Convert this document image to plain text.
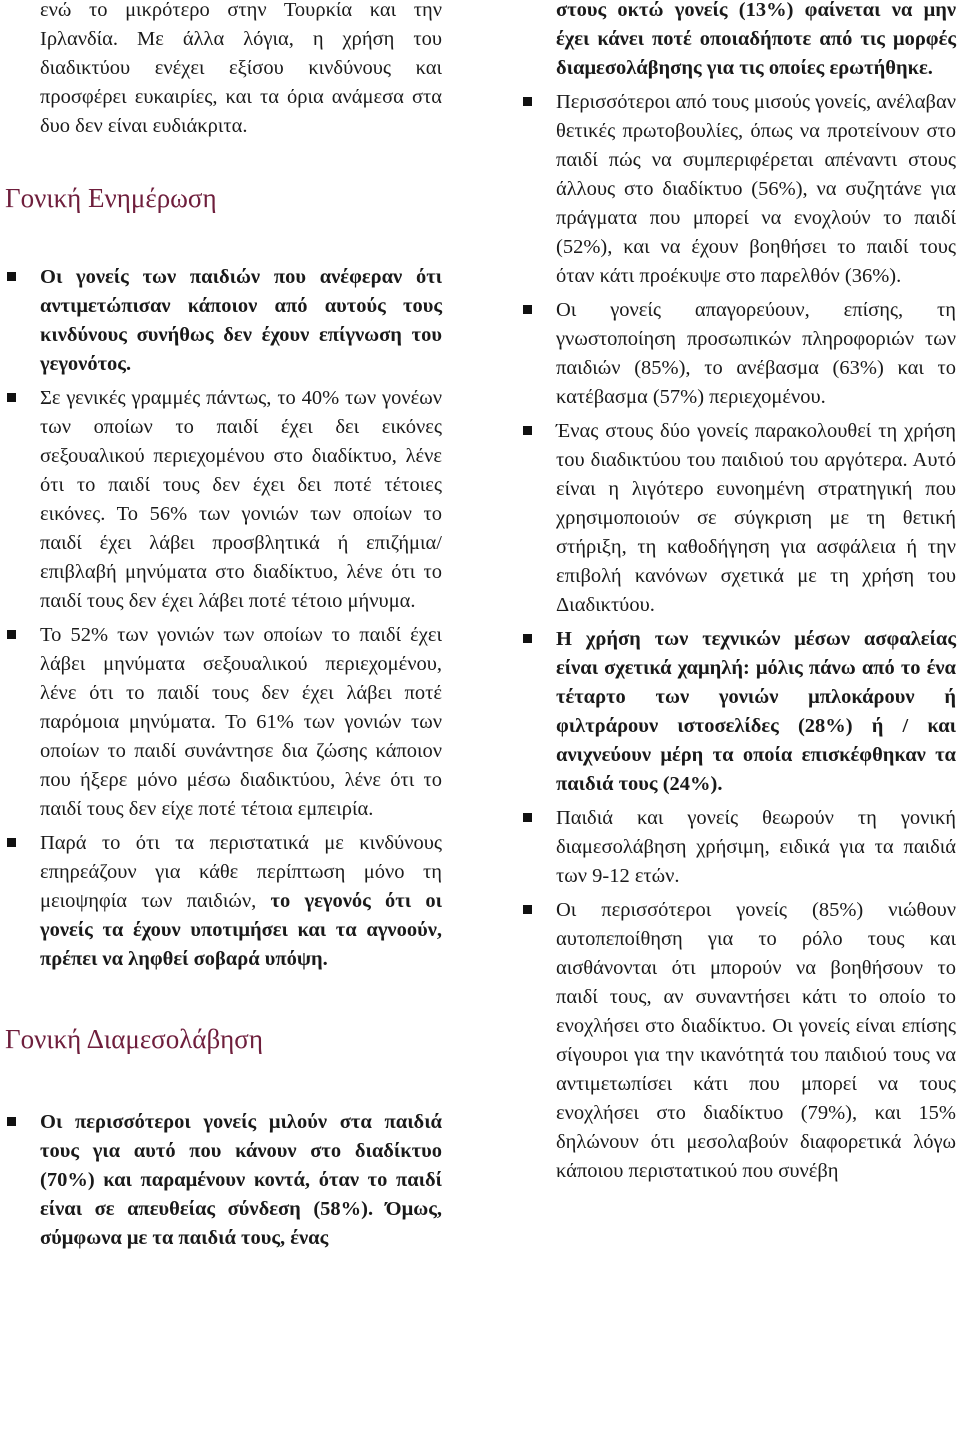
ενώ το μικρότερο στην Τουρκία και την Ιρλανδία. Με άλλα λόγια, η χρήση του διαδικτύου ενέχει εξίσου κινδύνους και προσφέρει ευκαιρίες, και τα όρια ανάμεσα στα δυο δεν είναι ευδιάκριτα.

Γονική Ενημέρωση
Οι γονείς των παιδιών που ανέφεραν ότι αντιμετώπισαν κάποιον από αυτούς τους κινδύνους συνήθως δεν έχουν επίγνωση του γεγονότος.
Σε γενικές γραμμές πάντως, το 40% των γονέων των οποίων το παιδί έχει δει εικόνες σεξουαλικού περιεχομένου στο διαδίκτυο, λένε ότι το παιδί τους δεν έχει δει ποτέ τέτοιες εικόνες. Το 56% των γονιών των οποίων το παιδί έχει λάβει προσβλητικά ή επιζήμια/ επιβλαβή μηνύματα στο διαδίκτυο, λένε ότι το παιδί τους δεν έχει λάβει ποτέ τέτοιο μήνυμα.
Το 52% των γονιών των οποίων το παιδί έχει λάβει μηνύματα σεξουαλικού περιεχομένου, λένε ότι το παιδί τους δεν έχει λάβει ποτέ παρόμοια μηνύματα. Το 61% των γονιών των οποίων το παιδί συνάντησε δια ζώσης κάποιον που ήξερε μόνο μέσω διαδικτύου, λένε ότι το παιδί τους δεν είχε ποτέ τέτοια εμπειρία.
Παρά το ότι τα περιστατικά με κινδύνους επηρεάζουν για κάθε περίπτωση μόνο τη μειοψηφία των παιδιών, το γεγονός ότι οι γονείς τα έχουν υποτιμήσει και τα αγνοούν, πρέπει να ληφθεί σοβαρά υπόψη.
Γονική Διαμεσολάβηση
Οι περισσότεροι γονείς μιλούν στα παιδιά τους για αυτό που κάνουν στο διαδίκτυο (70%) και παραμένουν κοντά, όταν το παιδί είναι σε απευθείας σύνδεση (58%). Όμως, σύμφωνα με τα παιδιά τους, ένας
στους οκτώ γονείς (13%) φαίνεται να μην έχει κάνει ποτέ οποιαδήποτε από τις μορφές διαμεσολάβησης για τις οποίες ερωτήθηκε.
Περισσότεροι από τους μισούς γονείς, ανέλαβαν θετικές πρωτοβουλίες, όπως να προτείνουν στο παιδί πώς να συμπεριφέρεται απέναντι στους άλλους στο διαδίκτυο (56%), να συζητάνε για πράγματα που μπορεί να ενοχλούν το παιδί (52%), και να έχουν βοηθήσει το παιδί τους όταν κάτι προέκυψε στο παρελθόν (36%).
Οι γονείς απαγορεύουν, επίσης, τη γνωστοποίηση προσωπικών πληροφοριών των παιδιών (85%), το ανέβασμα (63%) και το κατέβασμα (57%) περιεχομένου.
Ένας στους δύο γονείς παρακολουθεί τη χρήση του διαδικτύου του παιδιού του αργότερα. Αυτό είναι η λιγότερο ευνοημένη στρατηγική που χρησιμοποιούν σε σύγκριση με τη θετική στήριξη, τη καθοδήγηση για ασφάλεια ή την επιβολή κανόνων σχετικά με τη χρήση του Διαδικτύου.
Η χρήση των τεχνικών μέσων ασφαλείας είναι σχετικά χαμηλή: μόλις πάνω από το ένα τέταρτο των γονιών μπλοκάρουν ή φιλτράρουν ιστοσελίδες (28%) ή / και ανιχνεύουν μέρη τα οποία επισκέφθηκαν τα παιδιά τους (24%).
Παιδιά και γονείς θεωρούν τη γονική διαμεσολάβηση χρήσιμη, ειδικά για τα παιδιά των 9-12 ετών.
Οι περισσότεροι γονείς (85%) νιώθουν αυτοπεποίθηση για το ρόλο τους και αισθάνονται ότι μπορούν να βοηθήσουν το παιδί τους, αν συναντήσει κάτι το οποίο το ενοχλήσει στο διαδίκτυο. Οι γονείς είναι επίσης σίγουροι για την ικανότητά του παιδιού τους να αντιμετωπίσει κάτι που μπορεί να τους ενοχλήσει στο διαδίκτυο (79%), και 15% δηλώνουν ότι μεσολαβούν διαφορετικά λόγω κάποιου περιστατικού που συνέβη
